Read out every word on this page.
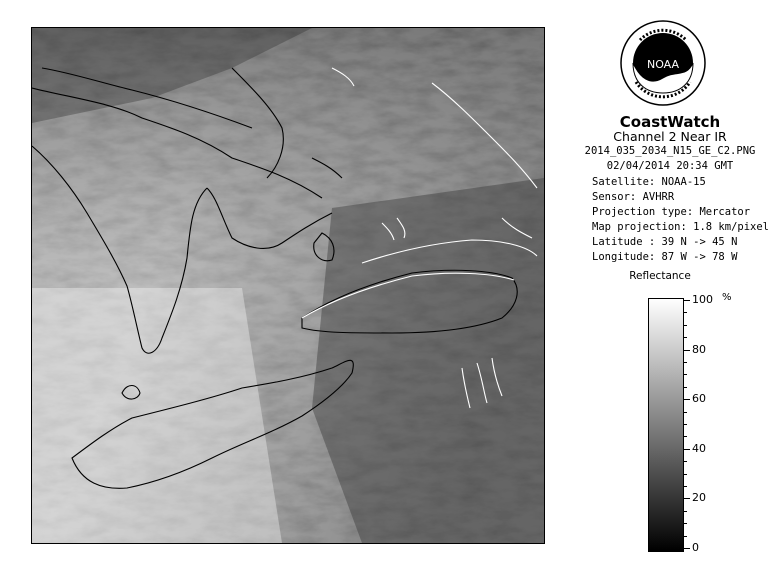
NOAA
CoastWatch
Channel 2 Near IR
2014_035_2034_N15_GE_C2.PNG
02/04/2014 20:34 GMT
Satellite: NOAA-15
Sensor: AVHRR
Projection type: Mercator
Map projection: 1.8 km/pixel
Latitude : 39 N -> 45 N
Longitude: 87 W -> 78 W
Reflectance
%
100
80
60
40
20
0
